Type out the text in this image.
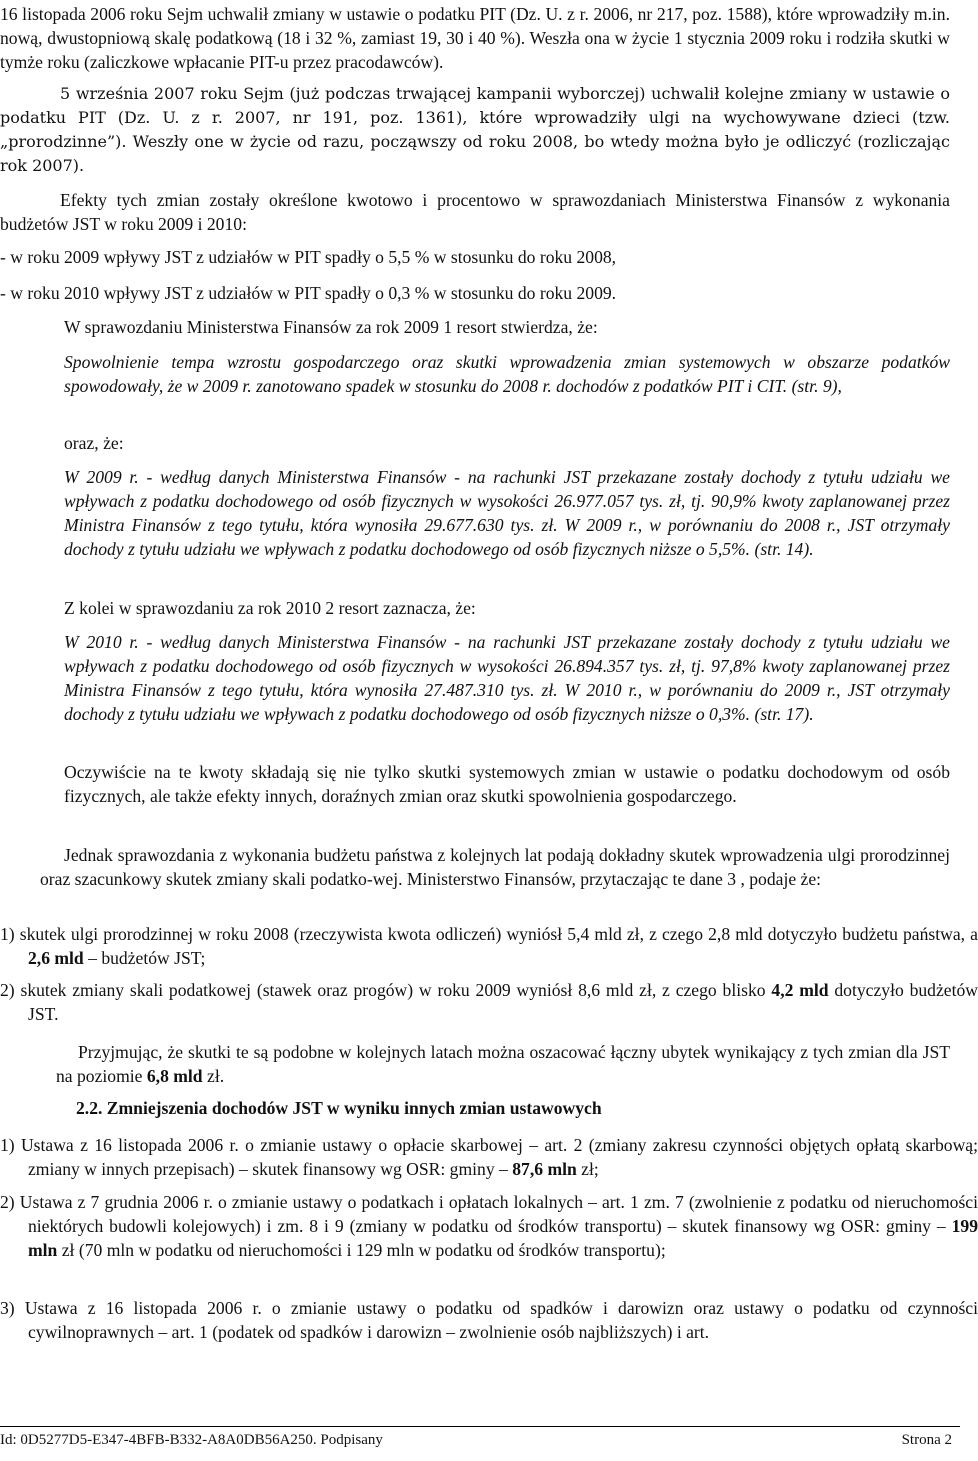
16 listopada 2006 roku Sejm uchwalił zmiany w ustawie o podatku PIT (Dz. U. z r. 2006, nr 217, poz. 1588), które wprowadziły m.in. nową, dwustopniową skalę podatkową (18 i 32 %, zamiast 19, 30 i 40 %). Weszła ona w życie 1 stycznia 2009 roku i rodziła skutki w tymże roku (zaliczkowe wpłacanie PIT-u przez pracodawców).

5 września 2007 roku Sejm (już podczas trwającej kampanii wyborczej) uchwalił kolejne zmiany w ustawie o podatku PIT (Dz. U. z r. 2007, nr 191, poz. 1361), które wprowadziły ulgi na wychowywane dzieci (tzw. „prorodzinne”). Weszły one w życie od razu, począwszy od roku 2008, bo wtedy można było je odliczyć (rozliczając rok 2007).

Efekty tych zmian zostały określone kwotowo i procentowo w sprawozdaniach Ministerstwa Finansów z wykonania budżetów JST w roku 2009 i 2010:

- w roku 2009 wpływy JST z udziałów w PIT spadły o 5,5 % w stosunku do roku 2008,

- w roku 2010 wpływy JST z udziałów w PIT spadły o 0,3 % w stosunku do roku 2009.

W sprawozdaniu Ministerstwa Finansów za rok 2009 1 resort stwierdza, że:

Spowolnienie tempa wzrostu gospodarczego oraz skutki wprowadzenia zmian systemowych w obszarze podatków spowodowały, że w 2009 r. zanotowano spadek w stosunku do 2008 r. dochodów z podatków PIT i CIT. (str. 9),

oraz, że:

W 2009 r. - według danych Ministerstwa Finansów - na rachunki JST przekazane zostały dochody z tytułu udziału we wpływach z podatku dochodowego od osób fizycznych w wysokości 26.977.057 tys. zł, tj. 90,9% kwoty zaplanowanej przez Ministra Finansów z tego tytułu, która wynosiła 29.677.630 tys. zł. W 2009 r., w porównaniu do 2008 r., JST otrzymały dochody z tytułu udziału we wpływach z podatku dochodowego od osób fizycznych niższe o 5,5%. (str. 14).

Z kolei w sprawozdaniu za rok 2010 2 resort zaznacza, że:

W 2010 r. - według danych Ministerstwa Finansów - na rachunki JST przekazane zostały dochody z tytułu udziału we wpływach z podatku dochodowego od osób fizycznych w wysokości 26.894.357 tys. zł, tj. 97,8% kwoty zaplanowanej przez Ministra Finansów z tego tytułu, która wynosiła 27.487.310 tys. zł. W 2010 r., w porównaniu do 2009 r., JST otrzymały dochody z tytułu udziału we wpływach z podatku dochodowego od osób fizycznych niższe o 0,3%. (str. 17).

Oczywiście na te kwoty składają się nie tylko skutki systemowych zmian w ustawie o podatku dochodowym od osób fizycznych, ale także efekty innych, doraźnych zmian oraz skutki spowolnienia gospodarczego.

Jednak sprawozdania z wykonania budżetu państwa z kolejnych lat podają dokładny skutek wprowadzenia ulgi prorodzinnej oraz szacunkowy skutek zmiany skali podatko-wej. Ministerstwo Finansów, przytaczając te dane 3 , podaje że:

1) skutek ulgi prorodzinnej w roku 2008 (rzeczywista kwota odliczeń) wyniósł 5,4 mld zł, z czego 2,8 mld dotyczyło budżetu państwa, a 2,6 mld – budżetów JST;

2) skutek zmiany skali podatkowej (stawek oraz progów) w roku 2009 wyniósł 8,6 mld zł, z czego blisko 4,2 mld dotyczyło budżetów JST.

Przyjmując, że skutki te są podobne w kolejnych latach można oszacować łączny ubytek wynikający z tych zmian dla JST na poziomie 6,8 mld zł.

2.2. Zmniejszenia dochodów JST w wyniku innych zmian ustawowych

1) Ustawa z 16 listopada 2006 r. o zmianie ustawy o opłacie skarbowej – art. 2 (zmiany zakresu czynności objętych opłatą skarbową; zmiany w innych przepisach) – skutek finansowy wg OSR: gminy – 87,6 mln zł;

2) Ustawa z 7 grudnia 2006 r. o zmianie ustawy o podatkach i opłatach lokalnych – art. 1 zm. 7 (zwolnienie z podatku od nieruchomości niektórych budowli kolejowych) i zm. 8 i 9 (zmiany w podatku od środków transportu) – skutek finansowy wg OSR: gminy – 199 mln zł (70 mln w podatku od nieruchomości i 129 mln w podatku od środków transportu);

3) Ustawa z 16 listopada 2006 r. o zmianie ustawy o podatku od spadków i darowizn oraz ustawy o podatku od czynności cywilnoprawnych – art. 1 (podatek od spadków i darowizn – zwolnienie osób najbliższych) i art.

Id: 0D5277D5-E347-4BFB-B332-A8A0DB56A250. Podpisany	Strona 2
